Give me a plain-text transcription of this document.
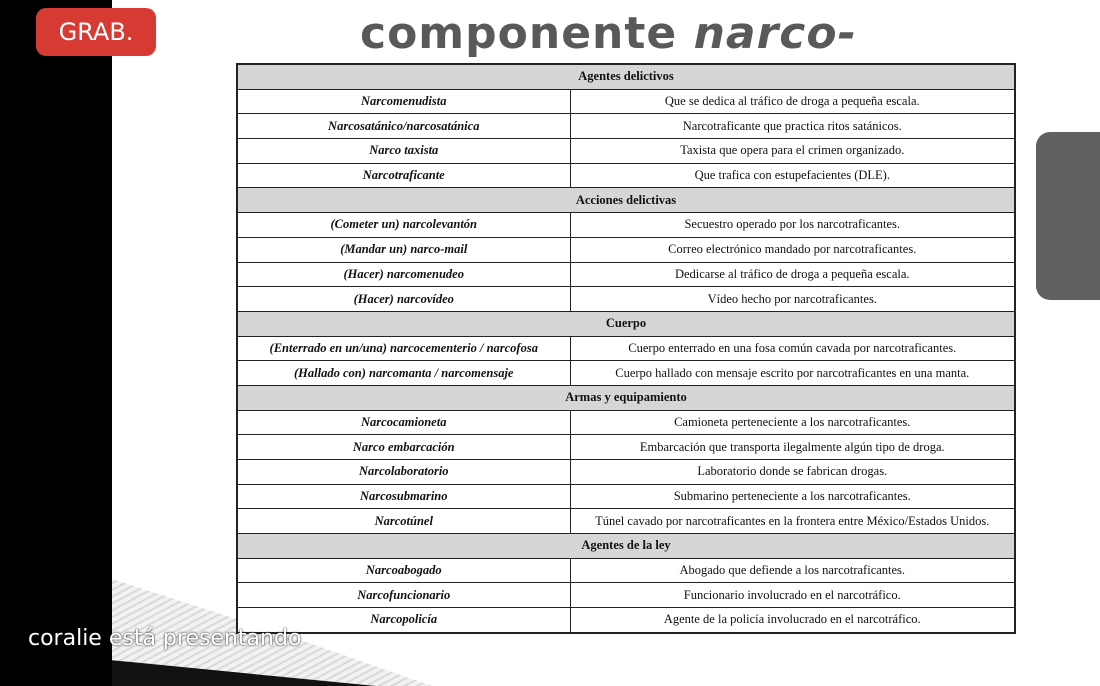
componente narco-
Agentes delictivos	
Narcomenudista	Que se dedica al tráfico de droga a pequeña escala.
Narcosatánico/narcosatánica	Narcotraficante que practica ritos satánicos.
Narco taxista	Taxista que opera para el crimen organizado.
Narcotraficante	Que trafica con estupefacientes (DLE).
Acciones delictivas	
(Cometer un) narcolevantón	Secuestro operado por los narcotraficantes.
(Mandar un) narco-mail	Correo electrónico mandado por narcotraficantes.
(Hacer) narcomenudeo	Dedicarse al tráfico de droga a pequeña escala.
(Hacer) narcovídeo	Vídeo hecho por narcotraficantes.
Cuerpo	
(Enterrado en un/una) narcocementerio / narcofosa	Cuerpo enterrado en una fosa común cavada por narcotraficantes.
(Hallado con) narcomanta / narcomensaje	Cuerpo hallado con mensaje escrito por narcotraficantes en una manta.
Armas y equipamiento	
Narcocamioneta	Camioneta perteneciente a los narcotraficantes.
Narco embarcación	Embarcación que transporta ilegalmente algún tipo de droga.
Narcolaboratorio	Laboratorio donde se fabrican drogas.
Narcosubmarino	Submarino perteneciente a los narcotraficantes.
Narcotúnel	Túnel cavado por narcotraficantes en la frontera entre México/Estados Unidos.
Agentes de la ley	
Narcoabogado	Abogado que defiende a los narcotraficantes.
Narcofuncionario	Funcionario involucrado en el narcotráfico.
Narcopolicía	Agente de la policía involucrado en el narcotráfico.
GRAB.
coralie está presentando
